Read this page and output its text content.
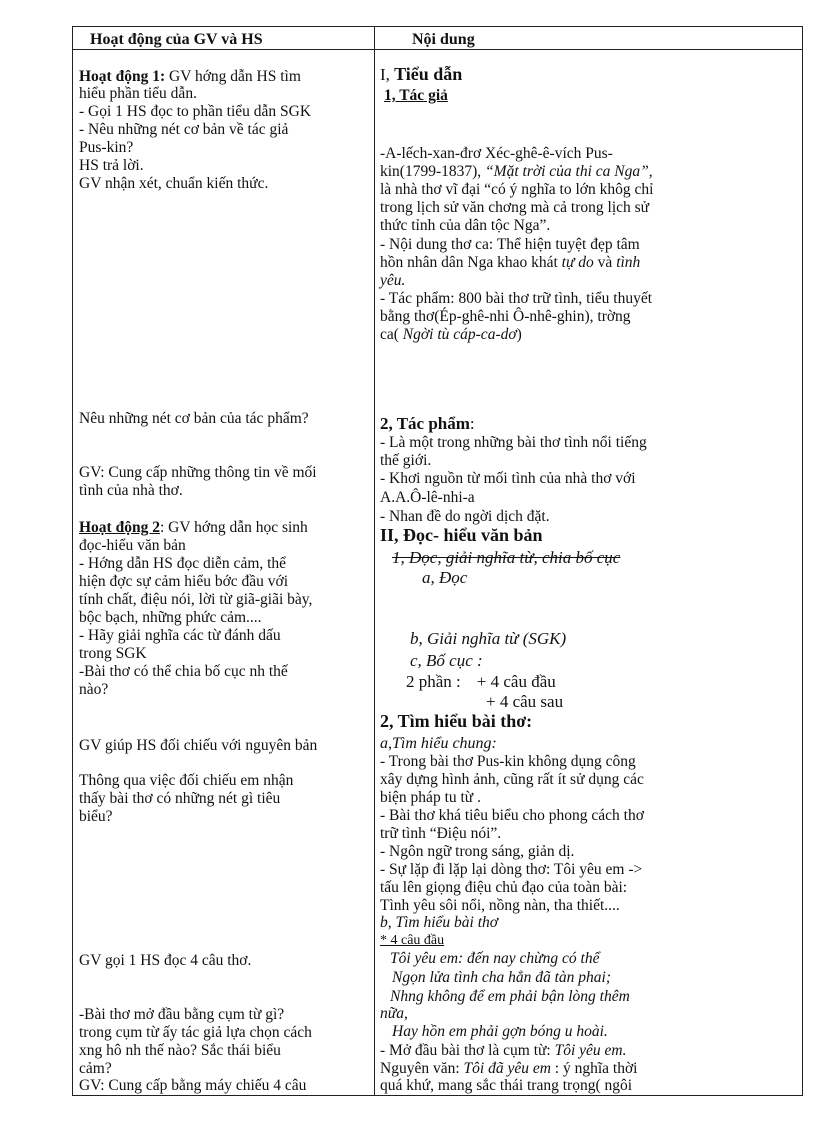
Hoạt động của GV và HS	Nội dung
Hoạt động 1: GV hớng dẫn HS tìm
hiểu phần tiểu dẫn.
- Gọi 1 HS đọc to phần tiểu dẫn SGK
- Nêu những nét cơ bản về tác giả
Pus-kin?
HS trả lời.
GV nhận xét, chuẩn kiến thức.
Nêu những nét cơ bản của tác phẩm?
GV: Cung cấp những thông tin về mối
tình của nhà thơ.
Hoạt động 2: GV hớng dẫn học sinh
đọc-hiểu văn bản
- Hớng dẫn HS đọc diễn cảm, thể
hiện đợc sự cảm hiểu bớc đầu với
tính chất, điệu nói, lời từ giã-giãi bày,
bộc bạch, những phức cảm....
- Hãy giải nghĩa các từ đánh dấu
trong SGK
-Bài thơ có thể chia bố cục nh thế
nào?
GV giúp HS đối chiếu với nguyên bản
Thông qua việc đối chiếu em nhận
thấy bài thơ có những nét gì tiêu
biểu?
GV gọi 1 HS đọc 4 câu thơ.
-Bài thơ mở đầu bằng cụm từ gì?
trong cụm từ ấy tác giả lựa chọn cách
xng hô nh thế nào? Sắc thái biểu
cảm?
GV: Cung cấp bằng máy chiếu 4 câu
I, Tiểu dẫn
1, Tác giả
-A-lếch-xan-đrơ Xéc-ghê-ê-vích Pus-
kin(1799-1837), “Mặt trời của thi ca Nga”,
là nhà thơ vĩ đại “có ý nghĩa to lớn khôg chỉ
trong lịch sử văn chơng mà cả trong lịch sử
thức tỉnh của dân tộc Nga”.
- Nội dung thơ ca: Thể hiện tuyệt đẹp tâm
hồn nhân dân Nga khao khát tự do và tình
yêu.
- Tác phẩm: 800 bài thơ trữ tình, tiểu thuyết
bằng thơ(Ép-ghê-nhi Ô-nhê-ghin), trờng
ca( Ngời tù cáp-ca-dơ)
2, Tác phẩm:
- Là một trong những bài thơ tình nổi tiếng
thế giới.
- Khơi nguồn từ mối tình của nhà thơ với
A.A.Ô-lê-nhi-a
- Nhan đề do ngời dịch đặt.
II, Đọc- hiểu văn bản
1, Đọc, giải nghĩa từ, chia bố cục
a, Đọc
b, Giải nghĩa từ (SGK)
c, Bố cục :
2 phần : + 4 câu đầu
+ 4 câu sau
2, Tìm hiểu bài thơ:
a,Tìm hiểu chung:
- Trong bài thơ Pus-kin không dụng công
xây dựng hình ảnh, cũng rất ít sử dụng các
biện pháp tu từ .
- Bài thơ khá tiêu biểu cho phong cách thơ
trữ tình “Điệu nói”.
- Ngôn ngữ trong sáng, giản dị.
- Sự lặp đi lặp lại dòng thơ: Tôi yêu em ->
tấu lên giọng điệu chủ đạo của toàn bài:
Tình yêu sôi nổi, nồng nàn, tha thiết....
b, Tìm hiểu bài thơ
* 4 câu đầu
Tôi yêu em: đến nay chừng có thể
Ngọn lửa tình cha hẳn đã tàn phai;
Nhng không để em phải bận lòng thêm
nữa,
Hay hồn em phải gợn bóng u hoài.
- Mở đầu bài thơ là cụm từ: Tôi yêu em.
Nguyên văn: Tôi đã yêu em : ý nghĩa thời
quá khứ, mang sắc thái trang trọng( ngôi
